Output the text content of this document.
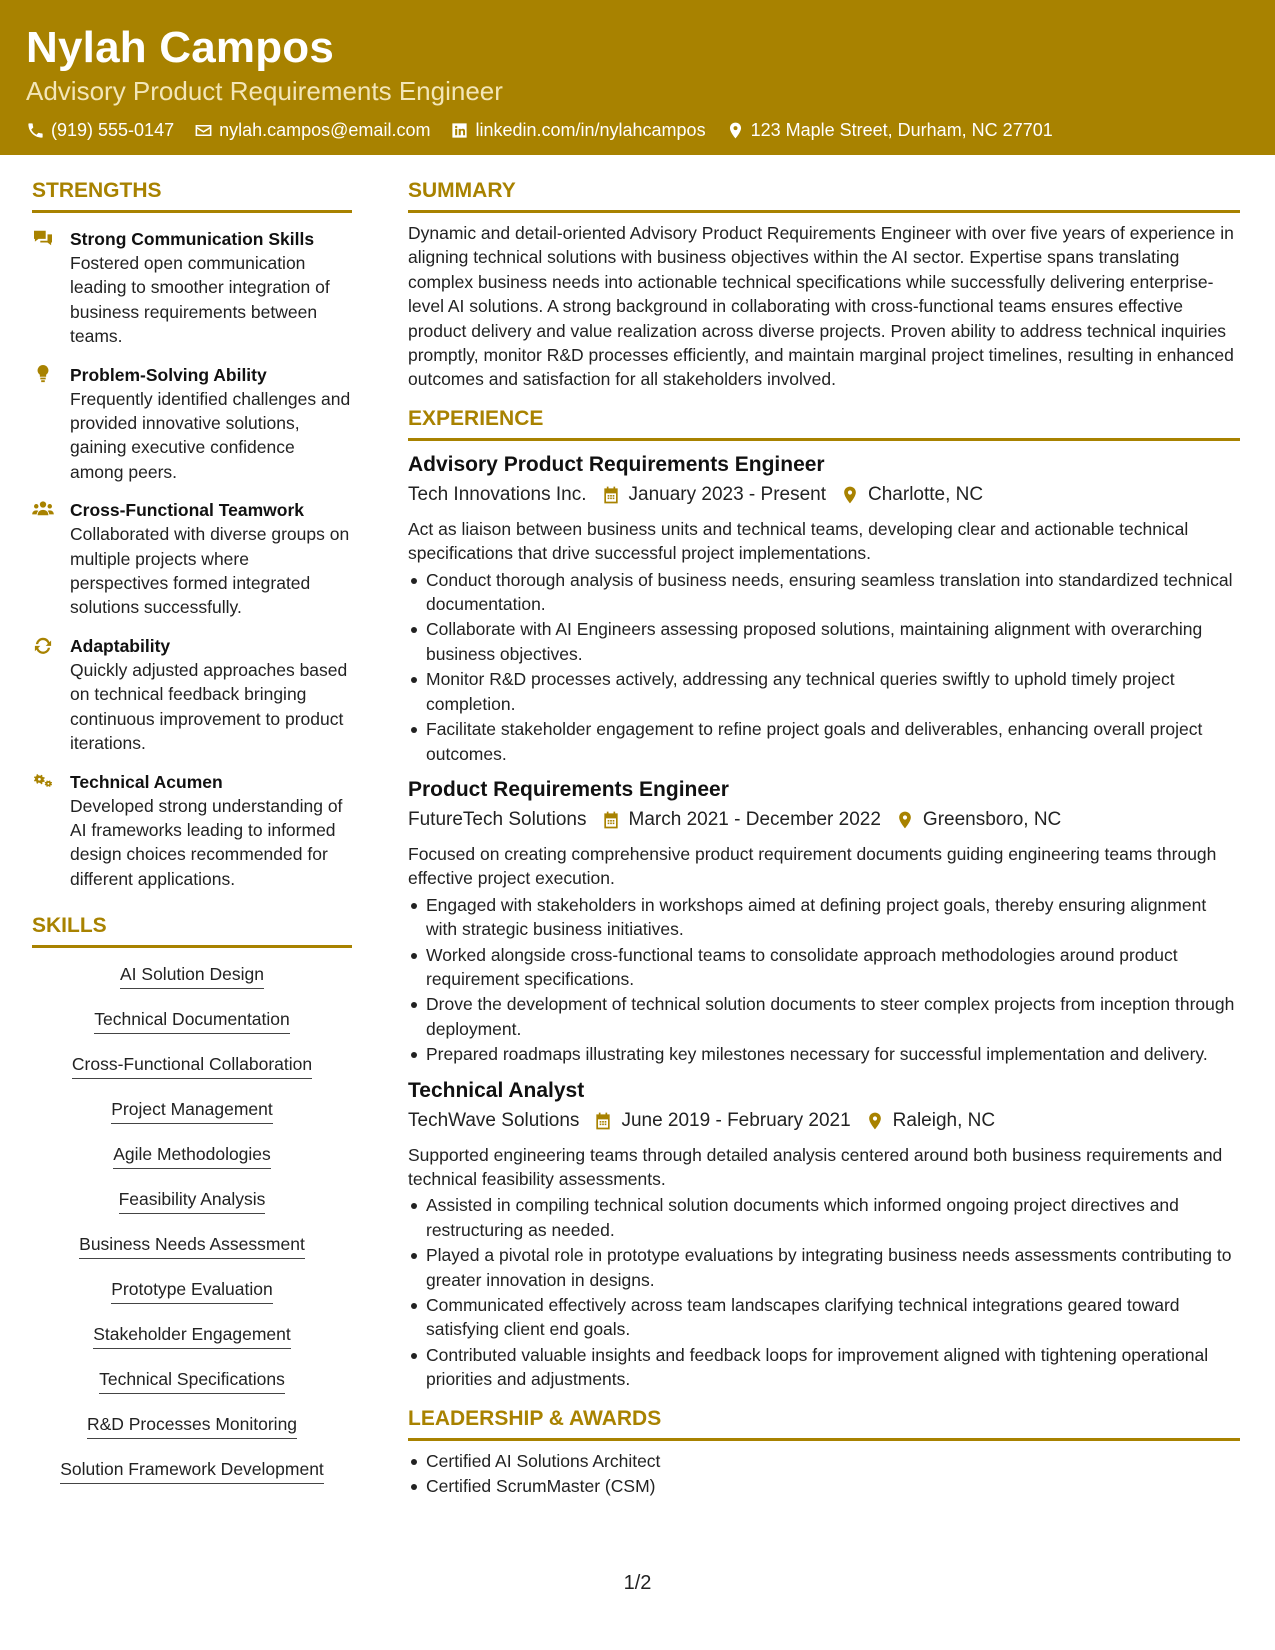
Nylah Campos
Advisory Product Requirements Engineer
(919) 555-0147	nylah.campos@email.com	linkedin.com/in/nylahcampos	123 Maple Street, Durham, NC 27701
STRENGTHS
Strong Communication Skills
Fostered open communication leading to smoother integration of business requirements between teams.
Problem-Solving Ability
Frequently identified challenges and provided innovative solutions, gaining executive confidence among peers.
Cross-Functional Teamwork
Collaborated with diverse groups on multiple projects where perspectives formed integrated solutions successfully.
Adaptability
Quickly adjusted approaches based on technical feedback bringing continuous improvement to product iterations.
Technical Acumen
Developed strong understanding of AI frameworks leading to informed design choices recommended for different applications.
SKILLS
AI Solution Design
Technical Documentation
Cross-Functional Collaboration
Project Management
Agile Methodologies
Feasibility Analysis
Business Needs Assessment
Prototype Evaluation
Stakeholder Engagement
Technical Specifications
R&D Processes Monitoring
Solution Framework Development
SUMMARY
Dynamic and detail-oriented Advisory Product Requirements Engineer with over five years of experience in aligning technical solutions with business objectives within the AI sector. Expertise spans translating complex business needs into actionable technical specifications while successfully delivering enterprise-level AI solutions. A strong background in collaborating with cross-functional teams ensures effective product delivery and value realization across diverse projects. Proven ability to address technical inquiries promptly, monitor R&D processes efficiently, and maintain marginal project timelines, resulting in enhanced outcomes and satisfaction for all stakeholders involved.
EXPERIENCE
Advisory Product Requirements Engineer
Tech Innovations Inc. January 2023 - Present Charlotte, NC
Act as liaison between business units and technical teams, developing clear and actionable technical specifications that drive successful project implementations.
Conduct thorough analysis of business needs, ensuring seamless translation into standardized technical documentation.
Collaborate with AI Engineers assessing proposed solutions, maintaining alignment with overarching business objectives.
Monitor R&D processes actively, addressing any technical queries swiftly to uphold timely project completion.
Facilitate stakeholder engagement to refine project goals and deliverables, enhancing overall project outcomes.
Product Requirements Engineer
FutureTech Solutions March 2021 - December 2022 Greensboro, NC
Focused on creating comprehensive product requirement documents guiding engineering teams through effective project execution.
Engaged with stakeholders in workshops aimed at defining project goals, thereby ensuring alignment with strategic business initiatives.
Worked alongside cross-functional teams to consolidate approach methodologies around product requirement specifications.
Drove the development of technical solution documents to steer complex projects from inception through deployment.
Prepared roadmaps illustrating key milestones necessary for successful implementation and delivery.
Technical Analyst
TechWave Solutions June 2019 - February 2021 Raleigh, NC
Supported engineering teams through detailed analysis centered around both business requirements and technical feasibility assessments.
Assisted in compiling technical solution documents which informed ongoing project directives and restructuring as needed.
Played a pivotal role in prototype evaluations by integrating business needs assessments contributing to greater innovation in designs.
Communicated effectively across team landscapes clarifying technical integrations geared toward satisfying client end goals.
Contributed valuable insights and feedback loops for improvement aligned with tightening operational priorities and adjustments.
LEADERSHIP & AWARDS
Certified AI Solutions Architect
Certified ScrumMaster (CSM)
1/2
